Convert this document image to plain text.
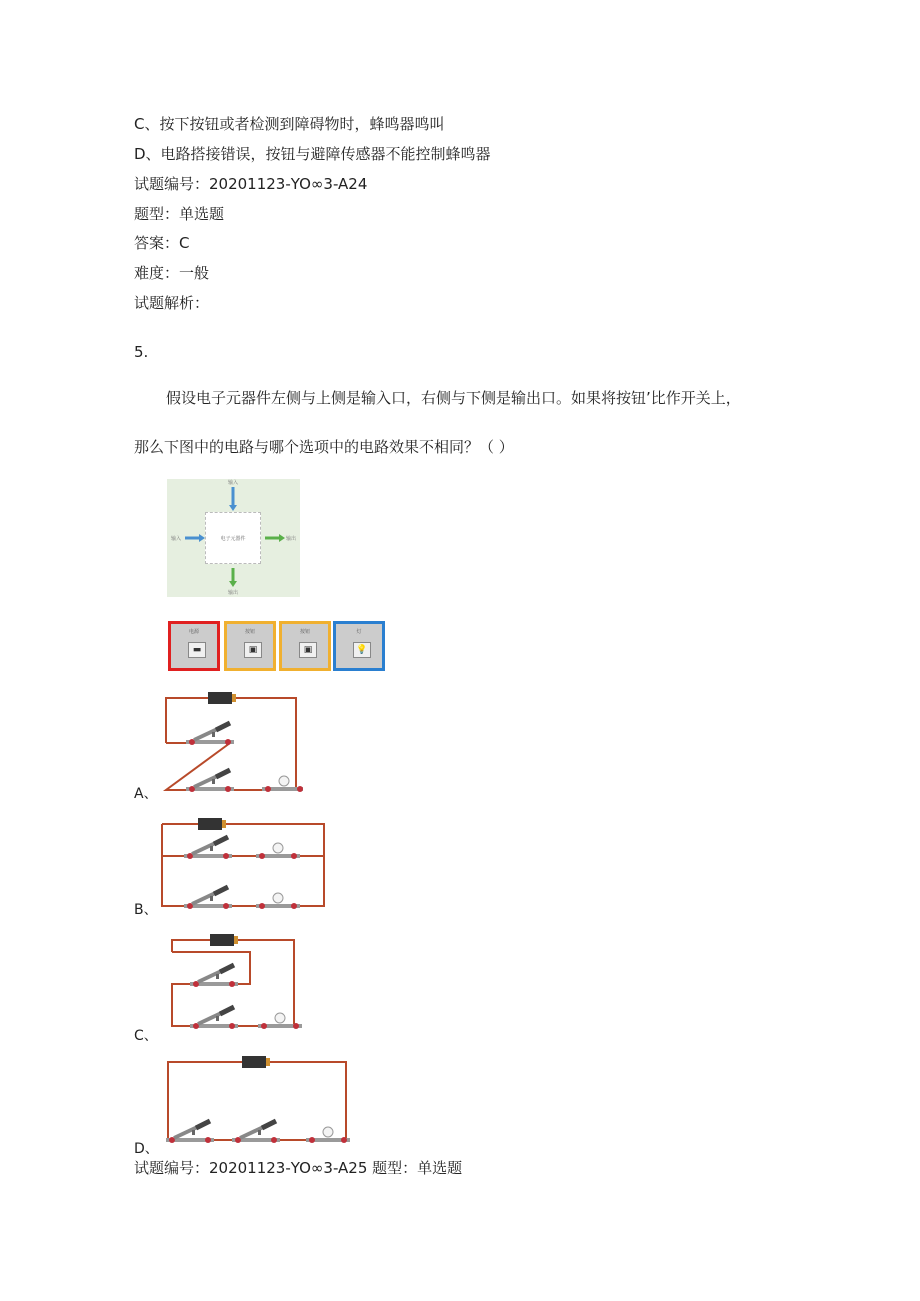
C、按下按钮或者检测到障碍物时，蜂鸣器鸣叫
D、电路搭接错误，按钮与避障传感器不能控制蜂鸣器
试题编号：20201123-YO∞3-A24
题型：单选题
答案：C
难度：一般
试题解析：
5.
假设电子元器件左侧与上侧是输入口，右侧与下侧是输出口。如果将按钮’比作开关上，
那么下图中的电路与哪个选项中的电路效果不相同？（ ）
电子元器件
输入
输入	输出
输出
电源
▬
按钮
▣
按钮
▣
灯
💡
A、
B、
C、
D、
试题编号：20201123-YO∞3-A25 题型：单选题
